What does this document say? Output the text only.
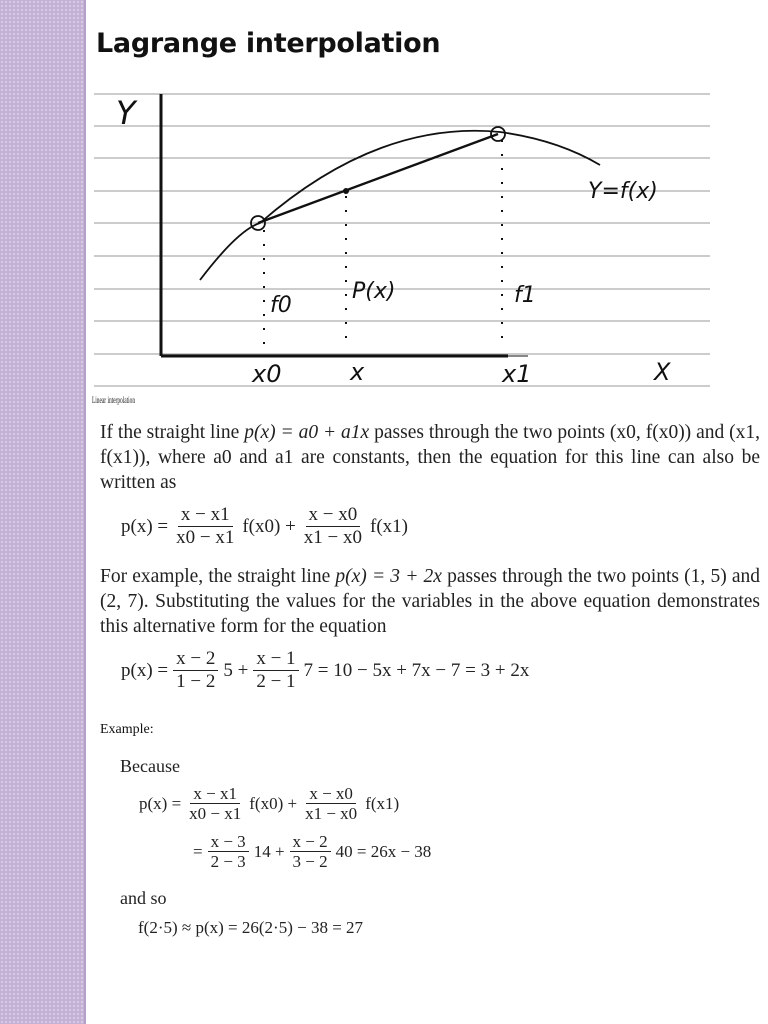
Lagrange interpolation
Y
Y=f(x)
f0
P(x)	f1
x0	x	x1	X
Linear interpolation

If the straight line p(x) = a0 + a1x passes through the two points (x0, f(x0)) and (x1, f(x1)), where a0 and a1 are constants, then the equation for this line can also be written as

$p(x) = \frac{x - x1}{x0 - x1} f(x0) + \frac{x - x0}{x1 - x0} f(x1)$

For example, the straight line p(x) = 3 + 2x passes through the two points (1, 5) and (2, 7). Substituting the values for the variables in the above equation demonstrates this alternative form for the equation

$p(x) = \frac{x - 2}{1 - 2} 5 + \frac{x - 1}{2 - 1} 7 = 10 - 5x + 7x - 7 = 3 + 2x$
Example:
Because
$p(x) = \frac{x - x1}{x0 - x1} f(x0) + \frac{x - x0}{x1 - x0} f(x1)$
= $\frac{x - 3}{2 - 3} 14 + \frac{x - 2}{3 - 2} 40 = 26x - 38$
and so
f(2·5) ≈ p(x) = 26(2·5) − 38 = 27
